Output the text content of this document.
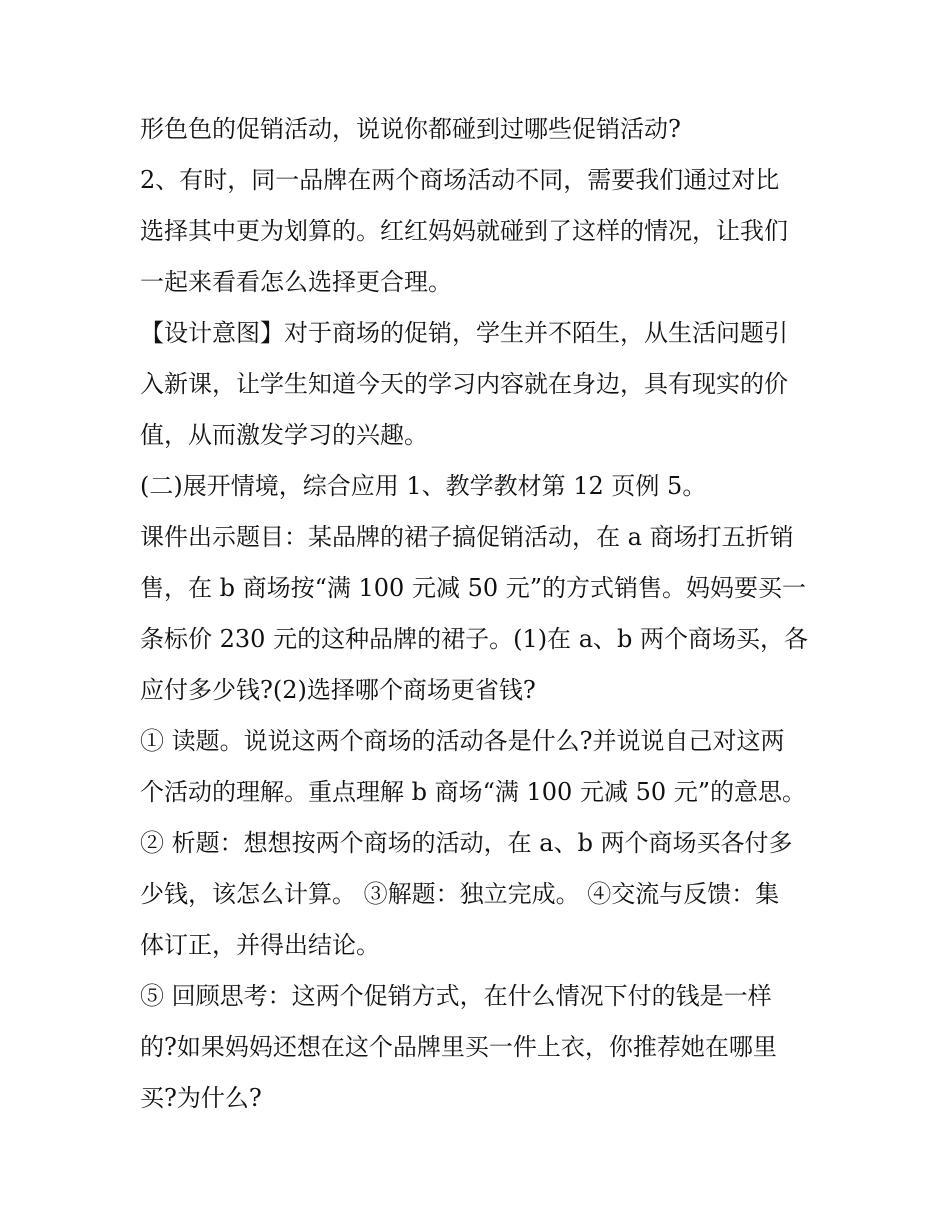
形色色的促销活动，说说你都碰到过哪些促销活动?
2、有时，同一品牌在两个商场活动不同，需要我们通过对比
选择其中更为划算的。红红妈妈就碰到了这样的情况，让我们
一起来看看怎么选择更合理。
【设计意图】对于商场的促销，学生并不陌生，从生活问题引
入新课，让学生知道今天的学习内容就在身边，具有现实的价
值，从而激发学习的兴趣。
(二)展开情境，综合应用 1、教学教材第 12 页例 5。
课件出示题目：某品牌的裙子搞促销活动，在 a 商场打五折销
售，在 b 商场按“满 100 元减 50 元”的方式销售。妈妈要买一
条标价 230 元的这种品牌的裙子。(1)在 a、b 两个商场买，各
应付多少钱?(2)选择哪个商场更省钱?
① 读题。说说这两个商场的活动各是什么?并说说自己对这两
个活动的理解。重点理解 b 商场“满 100 元减 50 元”的意思。
② 析题：想想按两个商场的活动，在 a、b 两个商场买各付多
少钱，该怎么计算。 ③解题：独立完成。 ④交流与反馈：集
体订正，并得出结论。
⑤ 回顾思考：这两个促销方式，在什么情况下付的钱是一样
的?如果妈妈还想在这个品牌里买一件上衣，你推荐她在哪里
买?为什么?
